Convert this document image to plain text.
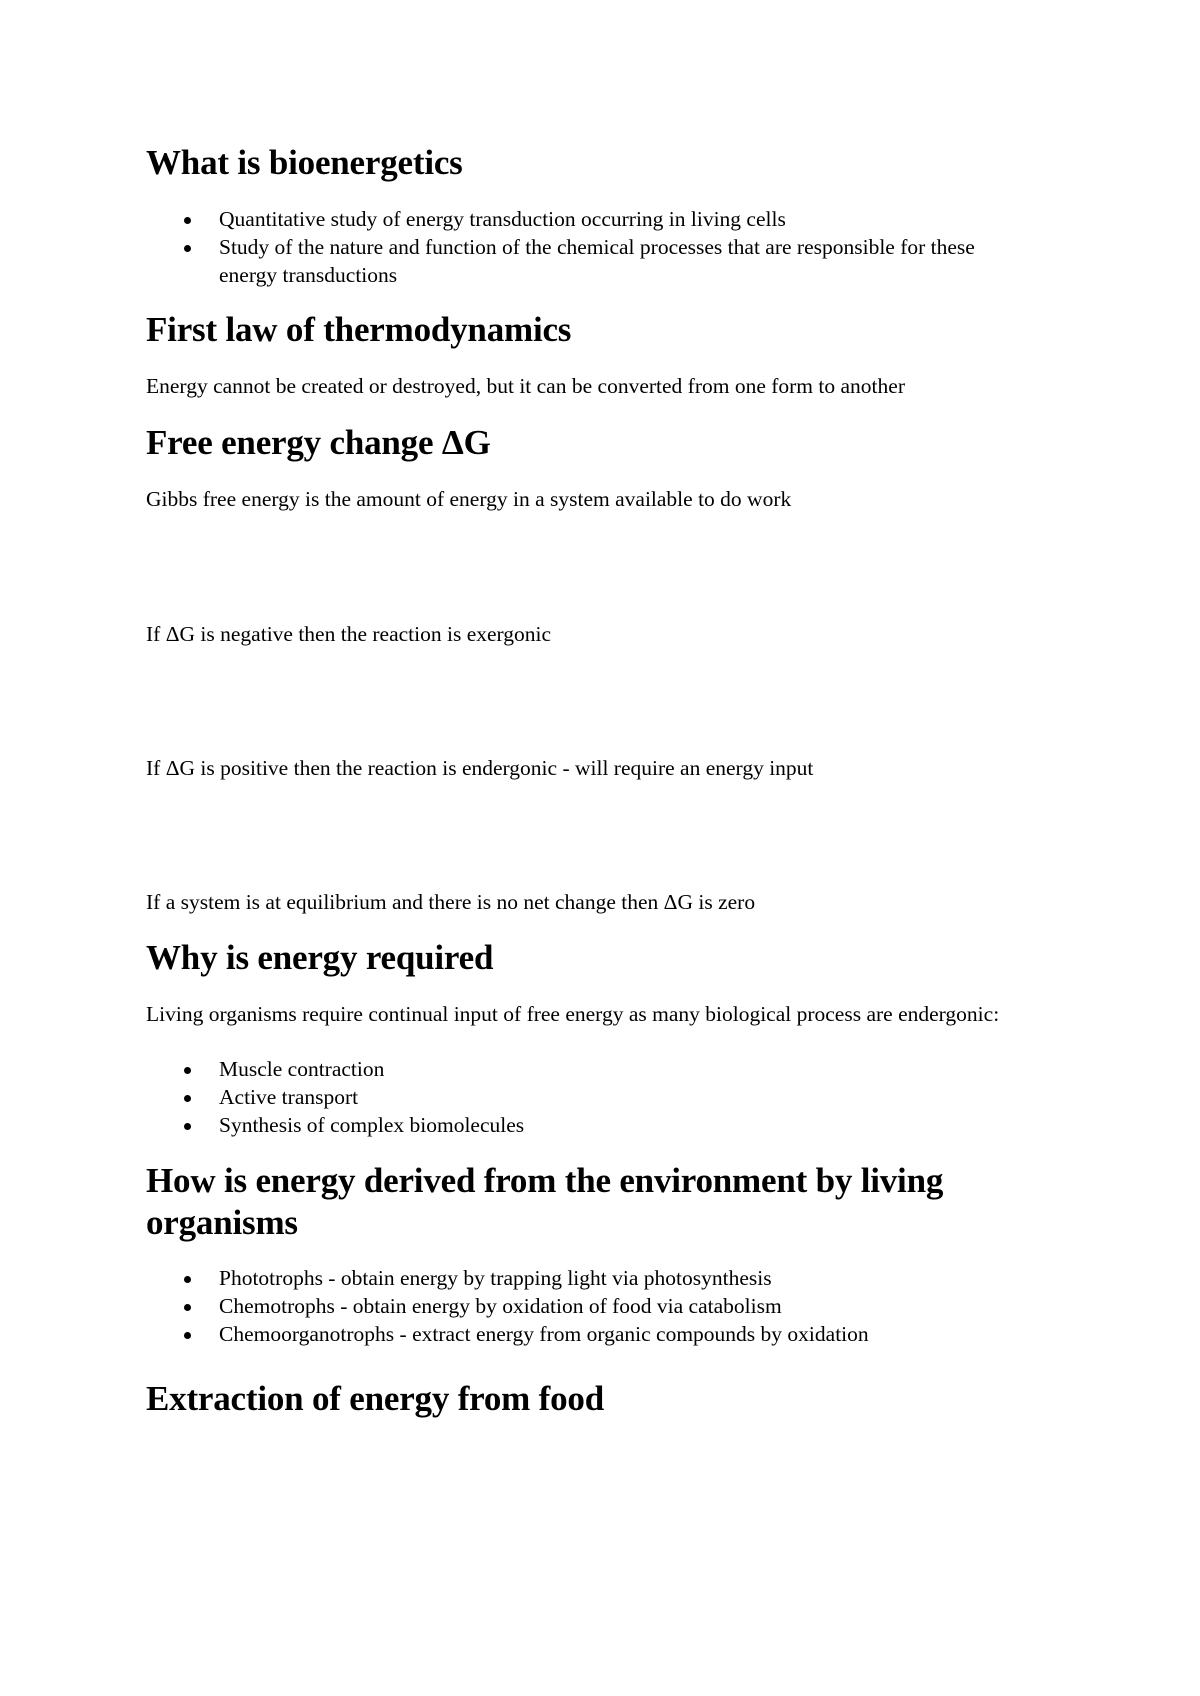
What is bioenergetics
Quantitative study of energy transduction occurring in living cells
Study of the nature and function of the chemical processes that are responsible for these energy transductions
First law of thermodynamics

Energy cannot be created or destroyed, but it can be converted from one form to another

Free energy change ΔG

Gibbs free energy is the amount of energy in a system available to do work

If ΔG is negative then the reaction is exergonic

If ΔG is positive then the reaction is endergonic - will require an energy input

If a system is at equilibrium and there is no net change then ΔG is zero

Why is energy required

Living organisms require continual input of free energy as many biological process are endergonic:

Muscle contraction
Active transport
Synthesis of complex biomolecules
How is energy derived from the environment by living organisms
Phototrophs - obtain energy by trapping light via photosynthesis
Chemotrophs - obtain energy by oxidation of food via catabolism
Chemoorganotrophs - extract energy from organic compounds by oxidation
Extraction of energy from food
